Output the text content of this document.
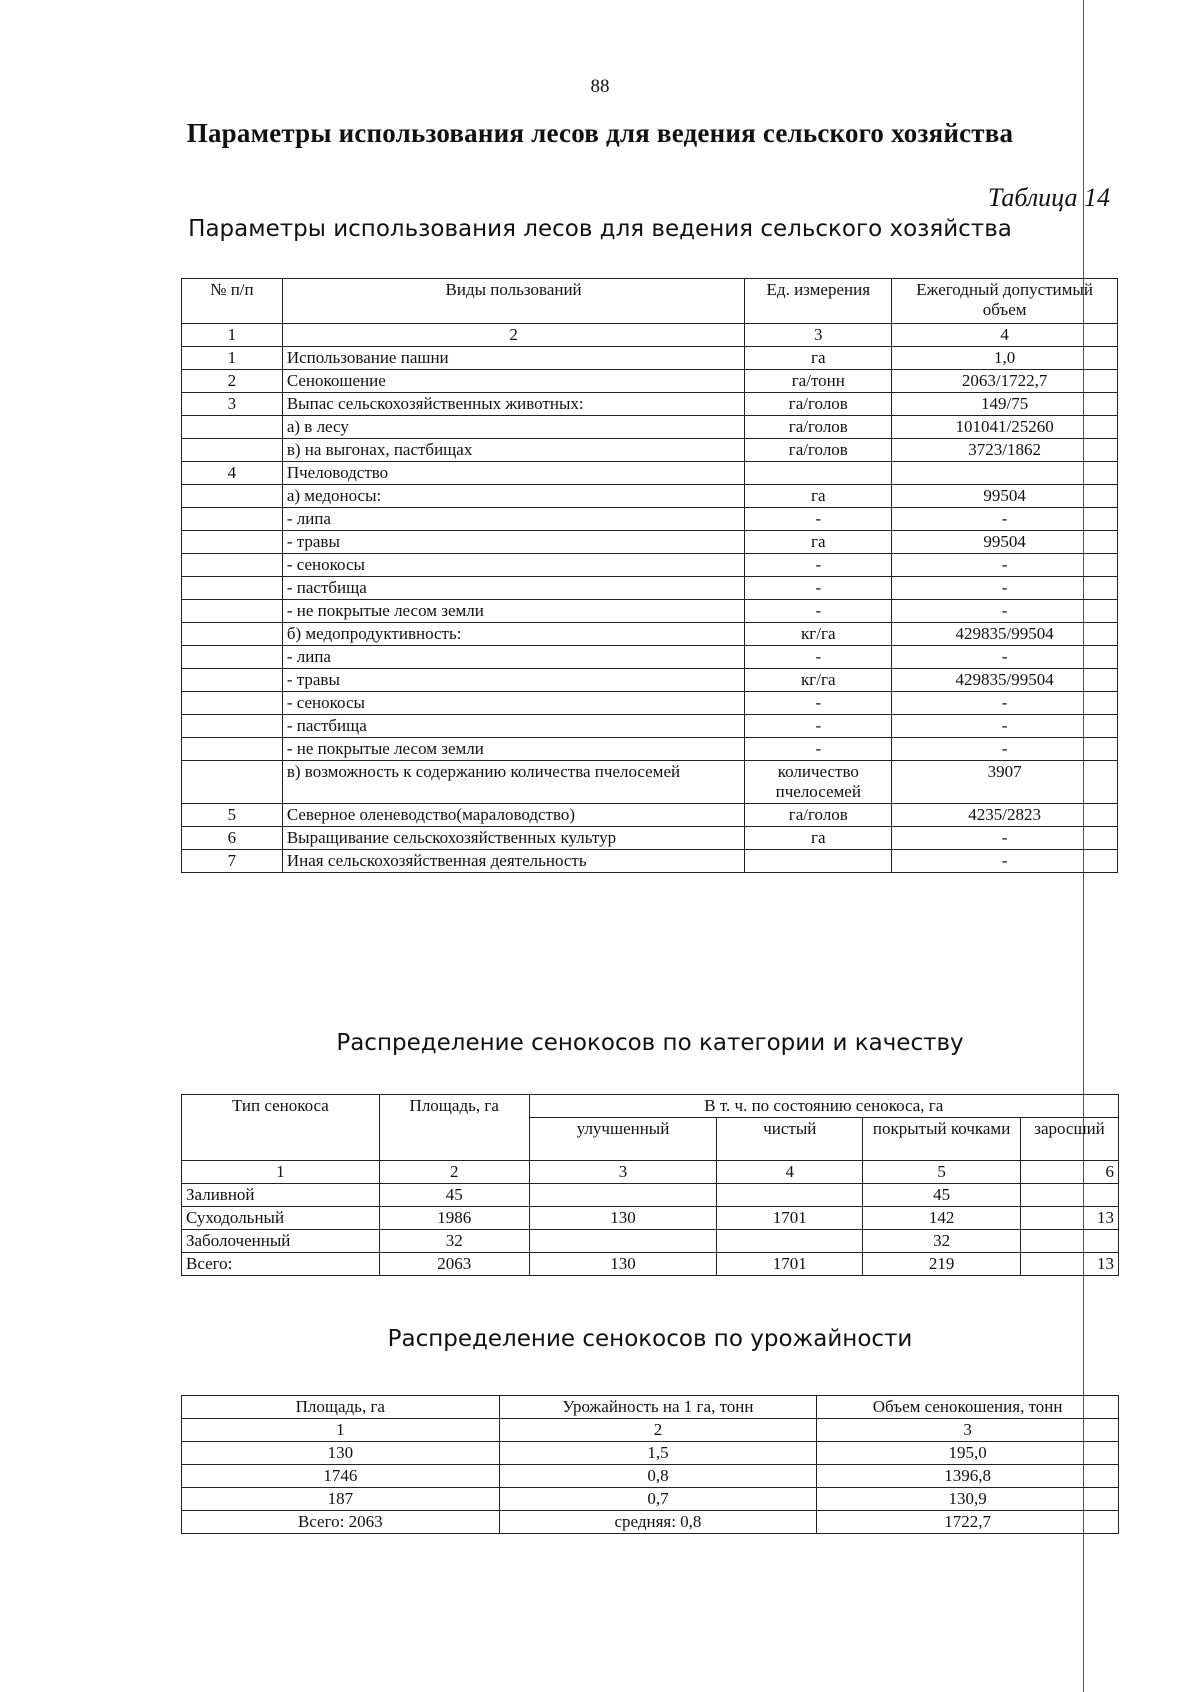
88
Параметры использования лесов для ведения сельского хозяйства
Таблица 14
Параметры использования лесов для ведения сельского хозяйства
№ п/п	Виды пользований	Ед. измерения	Ежегодный допустимый объем
1	2	3	4
1	Использование пашни	га	1,0
2	Сенокошение	га/тонн	2063/1722,7
3	Выпас сельскохозяйственных животных:	га/голов	149/75
	а) в лесу	га/голов	101041/25260
	в) на выгонах, пастбищах	га/голов	3723/1862
4	Пчеловодство		
	а) медоносы:	га	99504
	- липа	-	-
	- травы	га	99504
	- сенокосы	-	-
	- пастбища	-	-
	- не покрытые лесом земли	-	-
	б) медопродуктивность:	кг/га	429835/99504
	- липа	-	-
	- травы	кг/га	429835/99504
	- сенокосы	-	-
	- пастбища	-	-
	- не покрытые лесом земли	-	-
	в) возможность к содержанию количества пчелосемей	количество пчелосемей	3907
5	Северное оленеводство(мараловодство)	га/голов	4235/2823
6	Выращивание сельскохозяйственных культур	га	-
7	Иная сельскохозяйственная деятельность		-
Распределение сенокосов по категории и качеству
Тип сенокоса	Площадь, га	В т. ч. по состоянию сенокоса, га			
		улучшенный	чистый	покрытый кочками	заросший
1	2	3	4	5	6
Заливной	45			45	
Суходольный	1986	130	1701	142	13
Заболоченный	32			32	
Всего:	2063	130	1701	219	13
Распределение сенокосов по урожайности
Площадь, га	Урожайность на 1 га, тонн	Объем сенокошения, тонн
1	2	3
130	1,5	195,0
1746	0,8	1396,8
187	0,7	130,9
Всего: 2063	средняя: 0,8	1722,7
